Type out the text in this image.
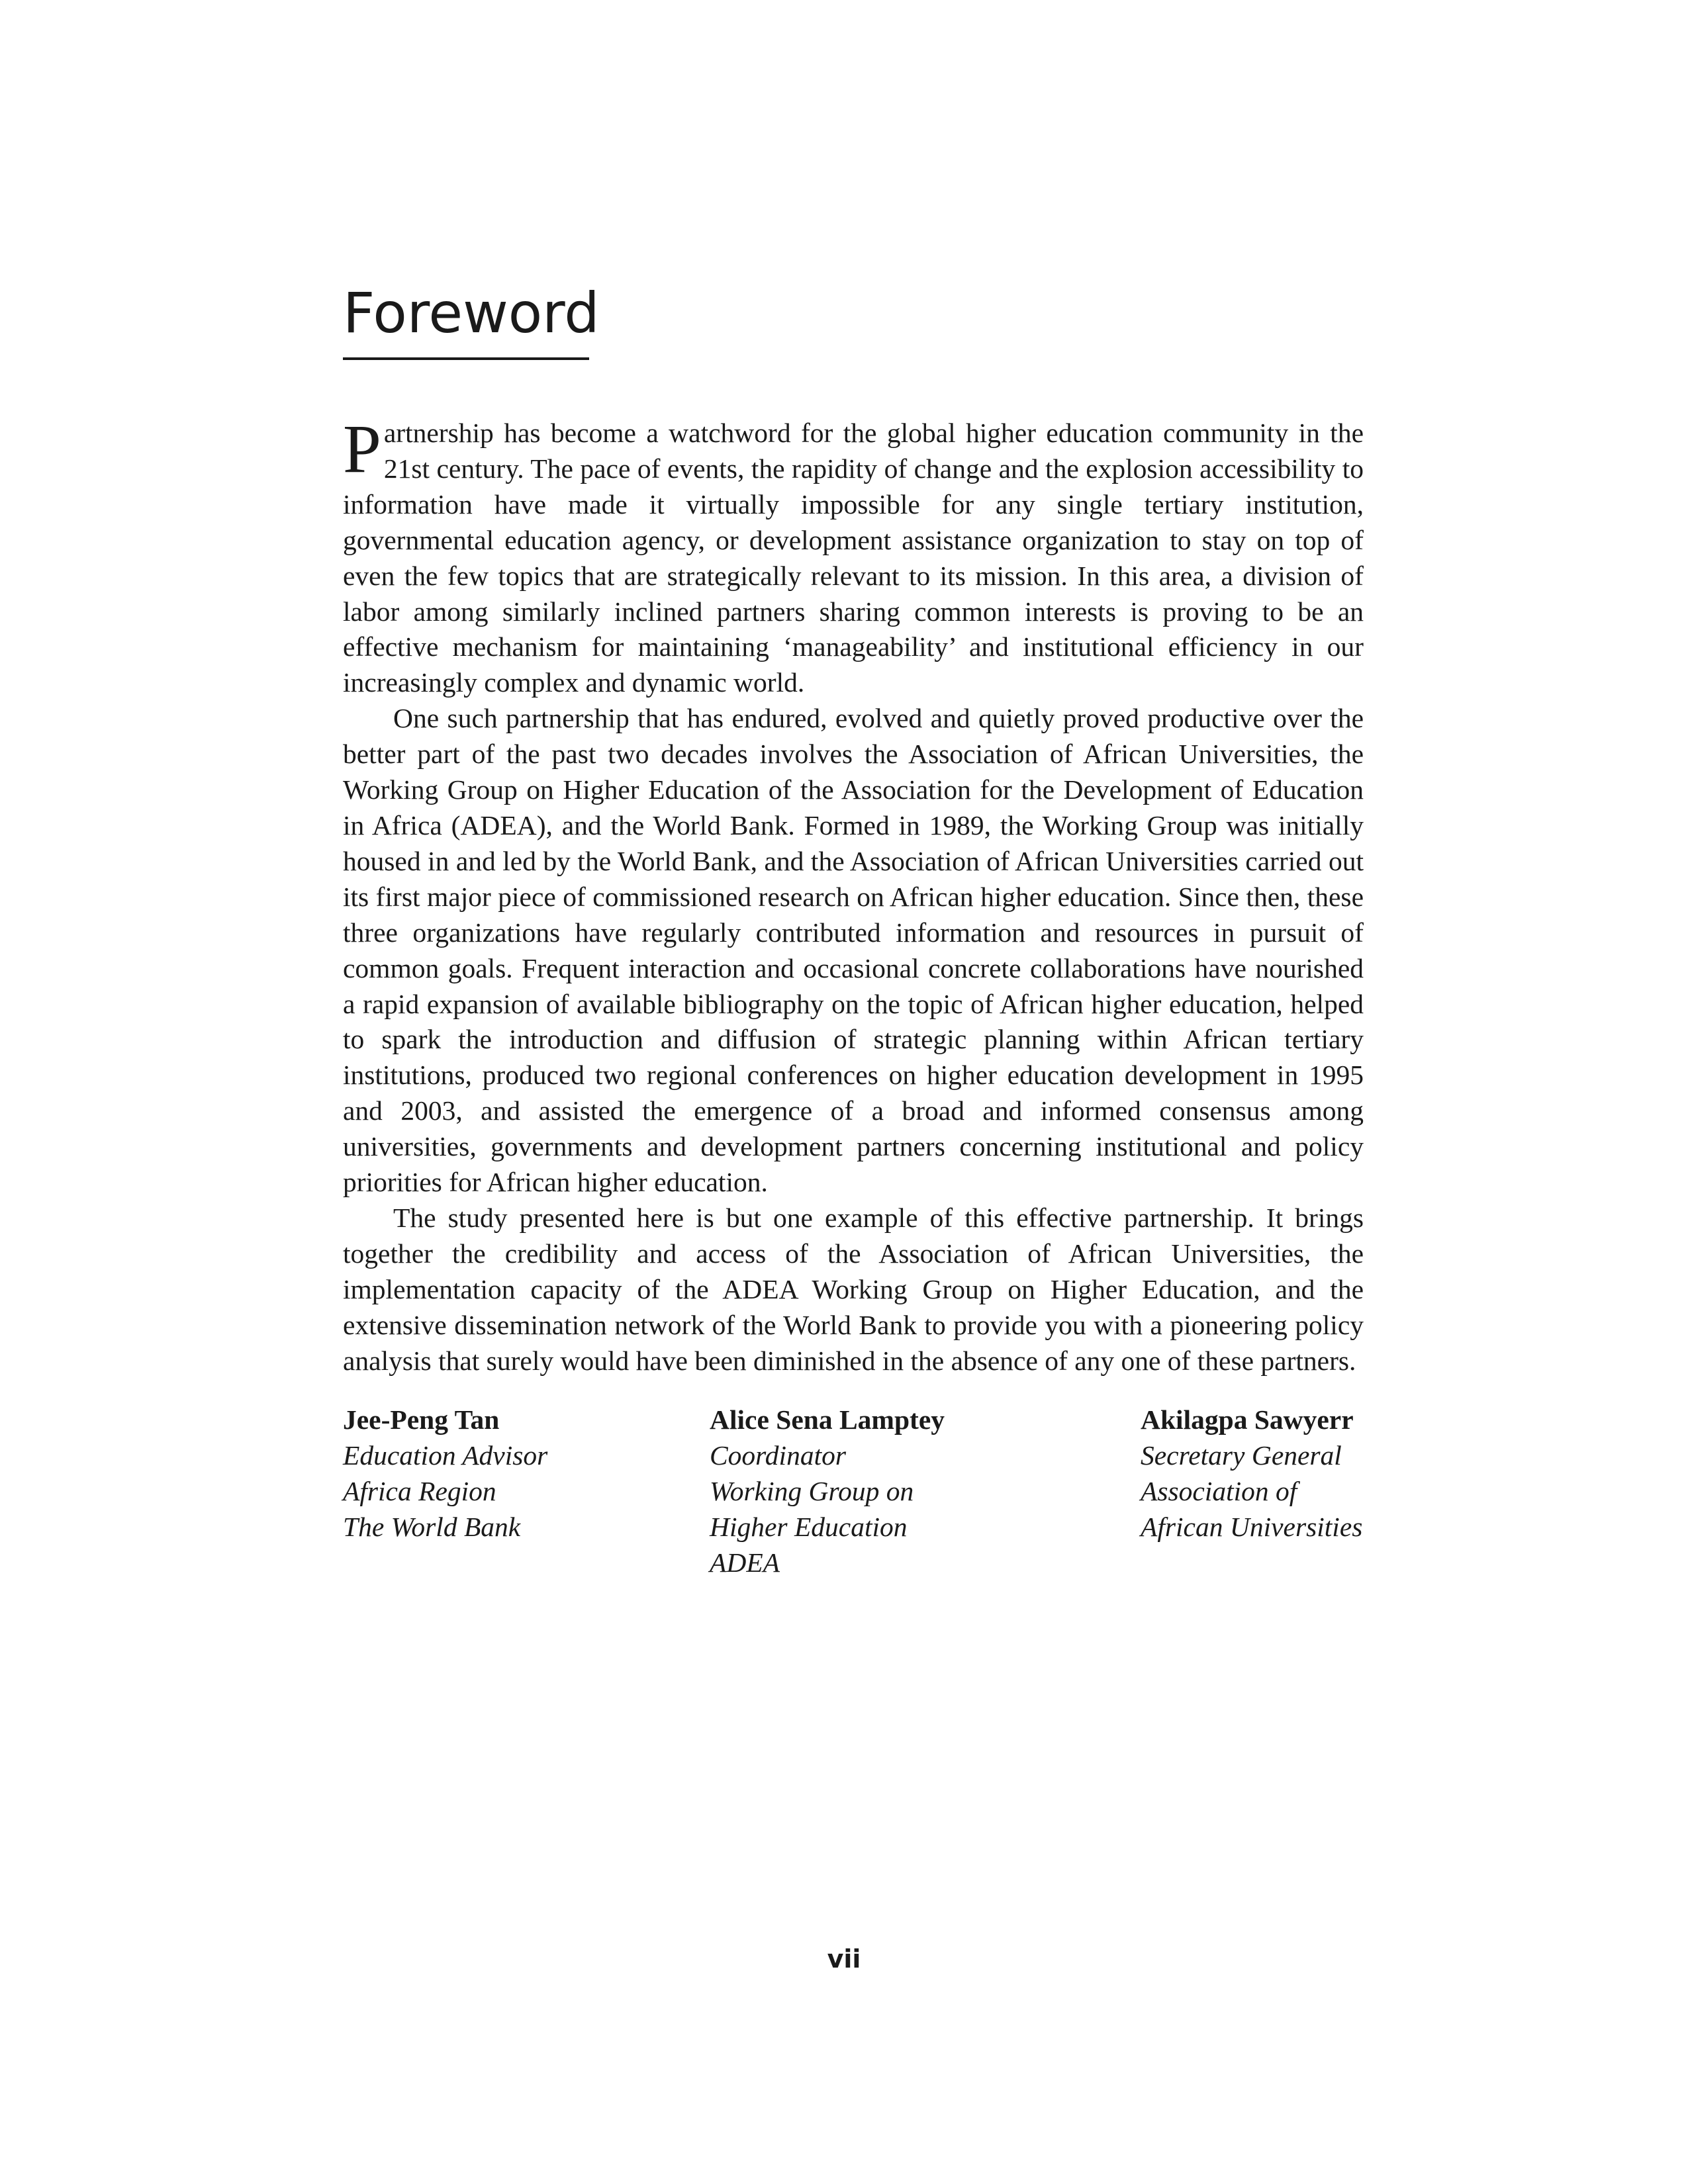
Foreword

Partnership has become a watchword for the global higher education community in the 21st century. The pace of events, the rapidity of change and the explosion accessibility to information have made it virtually impossible for any single tertiary institution, governmental education agency, or development assistance organization to stay on top of even the few topics that are strategically relevant to its mission. In this area, a division of labor among similarly inclined partners sharing common interests is proving to be an effective mechanism for maintaining ‘manageability’ and institutional efficiency in our increasingly complex and dynamic world.

One such partnership that has endured, evolved and quietly proved productive over the better part of the past two decades involves the Association of African Universities, the Working Group on Higher Education of the Association for the Development of Education in Africa (ADEA), and the World Bank. Formed in 1989, the Working Group was initially housed in and led by the World Bank, and the Association of African Universities carried out its first major piece of commissioned research on African higher education. Since then, these three organizations have regularly contributed information and resources in pursuit of common goals. Frequent interaction and occasional concrete collaborations have nourished a rapid expansion of available bibliography on the topic of African higher education, helped to spark the introduction and diffusion of strategic planning within African tertiary institutions, produced two regional conferences on higher education development in 1995 and 2003, and assisted the emergence of a broad and informed consensus among universities, governments and development partners concerning institutional and policy priorities for African higher education.

The study presented here is but one example of this effective partnership. It brings together the credibility and access of the Association of African Universities, the implementation capacity of the ADEA Working Group on Higher Education, and the extensive dissemination network of the World Bank to provide you with a pioneering policy analysis that surely would have been diminished in the absence of any one of these partners.

Jee-Peng Tan
Education Advisor
Africa Region
The World Bank
Alice Sena Lamptey
Coordinator
Working Group on
Higher Education
ADEA
Akilagpa Sawyerr
Secretary General
Association of
African Universities
vii
